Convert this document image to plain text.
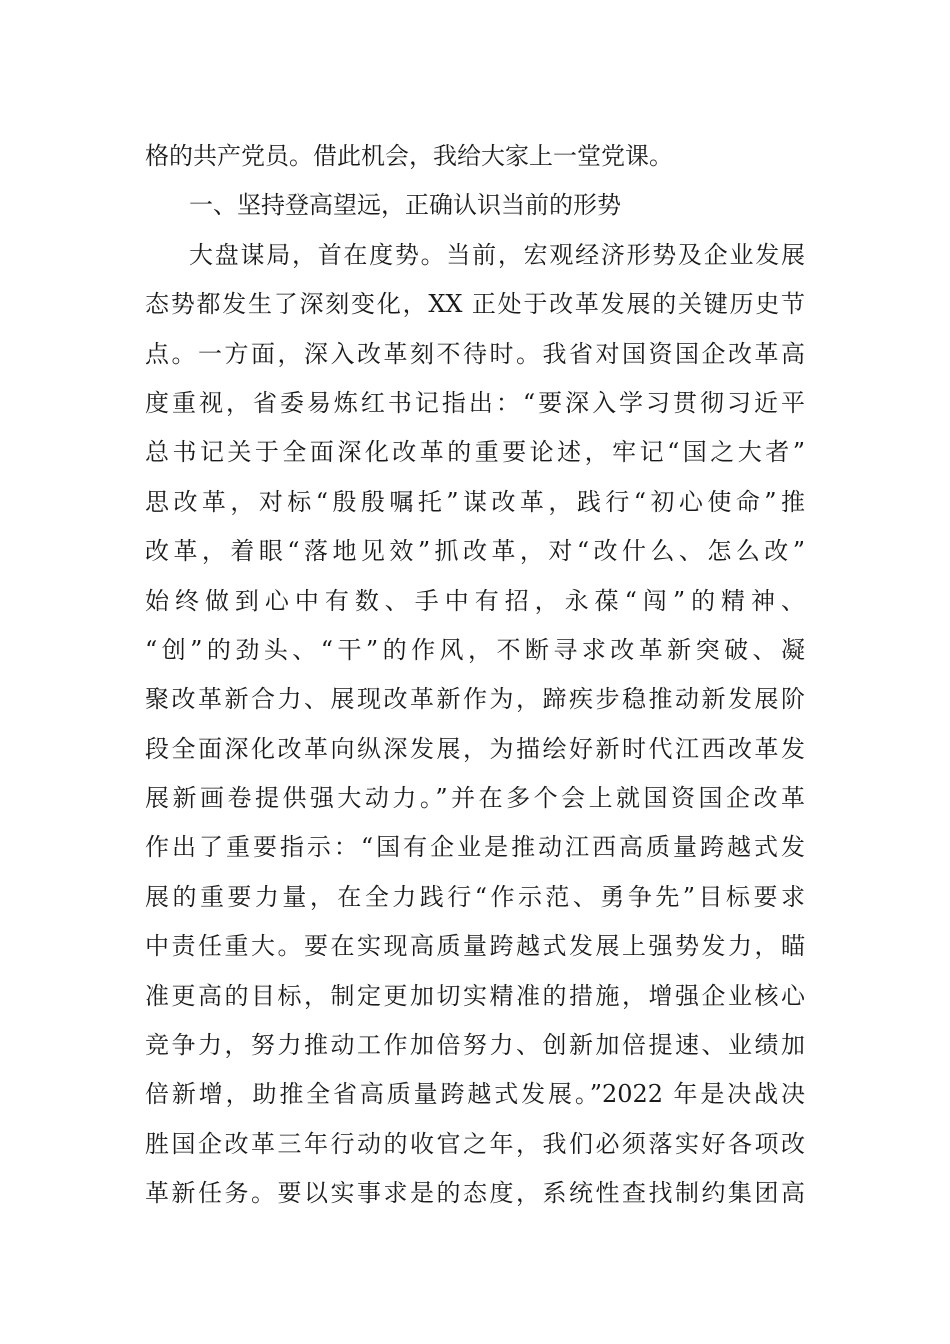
格的共产党员。借此机会，我给大家上一堂党课。
一、坚持登高望远，正确认识当前的形势
大盘谋局，首在度势。当前，宏观经济形势及企业发展
态势都发生了深刻变化，XX 正处于改革发展的关键历史节
点。一方面，深入改革刻不待时。我省对国资国企改革高
度重视，省委易炼红书记指出：“要深入学习贯彻习近平
总书记关于全面深化改革的重要论述，牢记“国之大者”
思改革，对标“殷殷嘱托”谋改革，践行“初心使命”推
改革，着眼“落地见效”抓改革，对“改什么、怎么改”
始终做到心中有数、手中有招，永葆“闯”的精神、
“创”的劲头、“干”的作风，不断寻求改革新突破、凝
聚改革新合力、展现改革新作为，蹄疾步稳推动新发展阶
段全面深化改革向纵深发展，为描绘好新时代江西改革发
展新画卷提供强大动力。”并在多个会上就国资国企改革
作出了重要指示：“国有企业是推动江西高质量跨越式发
展的重要力量，在全力践行“作示范、勇争先”目标要求
中责任重大。要在实现高质量跨越式发展上强势发力，瞄
准更高的目标，制定更加切实精准的措施，增强企业核心
竞争力，努力推动工作加倍努力、创新加倍提速、业绩加
倍新增，助推全省高质量跨越式发展。”2022 年是决战决
胜国企改革三年行动的收官之年，我们必须落实好各项改
革新任务。要以实事求是的态度，系统性查找制约集团高
